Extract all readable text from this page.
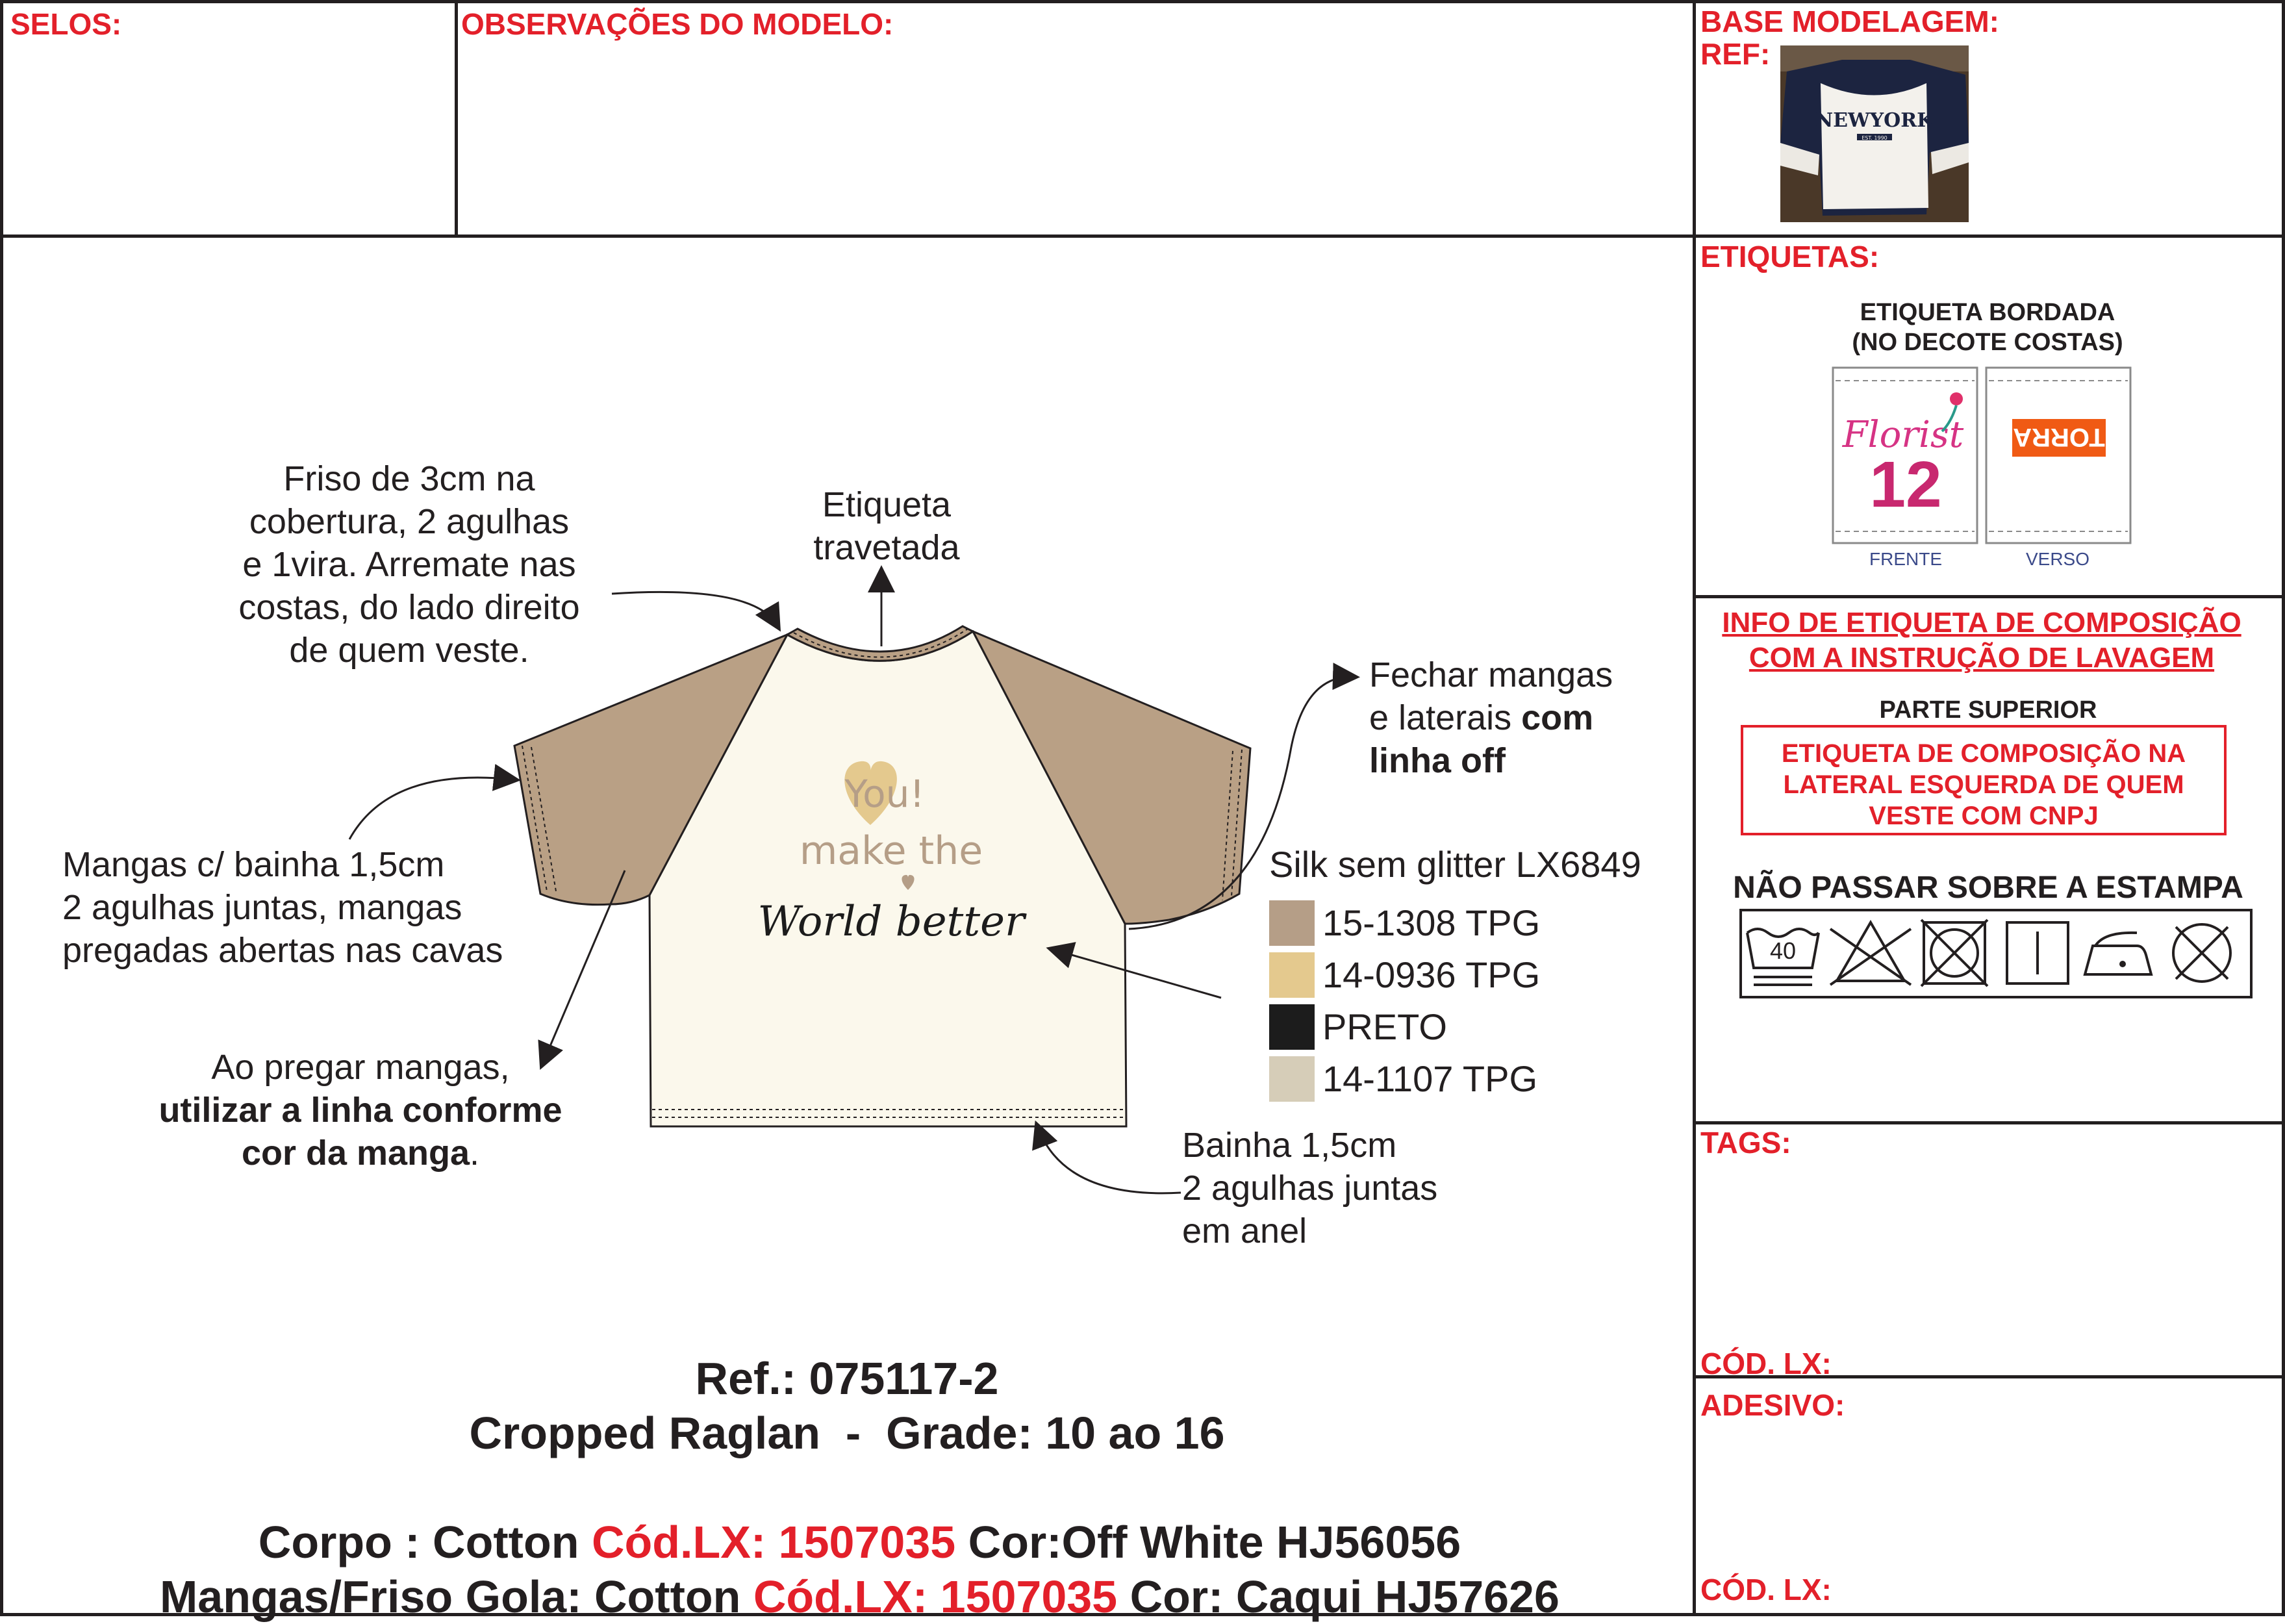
SELOS:	OBSERVAÇÕES DO MODELO:	BASE MODELAGEM:
REF:
NEWYORK
EST. 1990
ETIQUETAS:
ETIQUETA BORDADA
(NO DECOTE COSTAS)
Florist
12
TORRA
FRENTE	VERSO
INFO DE ETIQUETA DE COMPOSIÇÃO
COM A INSTRUÇÃO DE LAVAGEM
PARTE SUPERIOR
ETIQUETA DE COMPOSIÇÃO NA
LATERAL ESQUERDA DE QUEM
VESTE COM CNPJ
NÃO PASSAR SOBRE A ESTAMPA
40
TAGS:
CÓD. LX:
ADESIVO:
CÓD. LX:
You!
make the
World better
Friso de 3cm na
cobertura, 2 agulhas
e 1vira. Arremate nas
costas, do lado direito
de quem veste.
Etiqueta
travetada
Fechar mangas
e laterais com
linha off
Mangas c/ bainha 1,5cm
2 agulhas juntas, mangas
pregadas abertas nas cavas
Ao pregar mangas,
utilizar a linha conforme
cor da manga.	Bainha 1,5cm
2 agulhas juntas
em anel
Silk sem glitter LX6849
15-1308 TPG
14-0936 TPG
PRETO
14-1107 TPG
Ref.: 075117-2
Cropped Raglan  -  Grade: 10 ao 16

Corpo : Cotton Cód.LX: 1507035 Cor:Off White HJ56056

Mangas/Friso Gola: Cotton Cód.LX: 1507035 Cor: Caqui HJ57626
